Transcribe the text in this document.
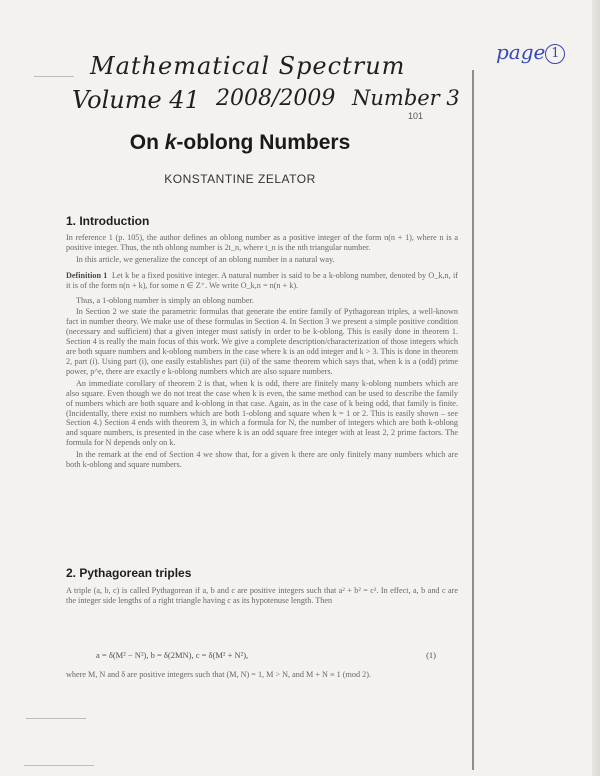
Mathematical Spectrum
Volume 41 2008/2009 Number 3
page 1
101
On k-oblong Numbers
KONSTANTINE ZELATOR
1. Introduction

In reference 1 (p. 105), the author defines an oblong number as a positive integer of the form n(n + 1), where n is a positive integer. Thus, the nth oblong number is 2t_n, where t_n is the nth triangular number.

In this article, we generalize the concept of an oblong number in a natural way.

Definition 1 Let k be a fixed positive integer. A natural number is said to be a k-oblong number, denoted by O_k,n, if it is of the form n(n + k), for some n ∈ Z⁺. We write O_k,n = n(n + k).

Thus, a 1-oblong number is simply an oblong number.

In Section 2 we state the parametric formulas that generate the entire family of Pythagorean triples, a well-known fact in number theory. We make use of these formulas in Section 4. In Section 3 we present a simple positive condition (necessary and sufficient) that a given integer must satisfy in order to be k-oblong. This is easily done in theorem 1. Section 4 is really the main focus of this work. We give a complete description/characterization of those integers which are both square numbers and k-oblong numbers in the case where k is an odd integer and k > 3. This is done in theorem 2, part (i). Using part (i), one easily establishes part (ii) of the same theorem which says that, when k is a (odd) prime power, p^e, there are exactly e k-oblong numbers which are also square numbers.

An immediate corollary of theorem 2 is that, when k is odd, there are finitely many k-oblong numbers which are also square. Even though we do not treat the case when k is even, the same method can be used to describe the family of numbers which are both square and k-oblong in that case. Again, as in the case of k being odd, that family is finite. (Incidentally, there exist no numbers which are both 1-oblong and square when k = 1 or 2. This is easily shown – see Section 4.) Section 4 ends with theorem 3, in which a formula for N, the number of integers which are both k-oblong and square numbers, is presented in the case where k is an odd square free integer with at least 2, 2 prime factors. The formula for N depends only on k.

In the remark at the end of Section 4 we show that, for a given k there are only finitely many numbers which are both k-oblong and square numbers.

2. Pythagorean triples

A triple (a, b, c) is called Pythagorean if a, b and c are positive integers such that a² + b² = c². In effect, a, b and c are the integer side lengths of a right triangle having c as its hypotenuse length. Then

a = δ(M² − N²), b = δ(2MN), c = δ(M² + N²),	(1)

where M, N and δ are positive integers such that (M, N) = 1, M > N, and M + N ≡ 1 (mod 2).
